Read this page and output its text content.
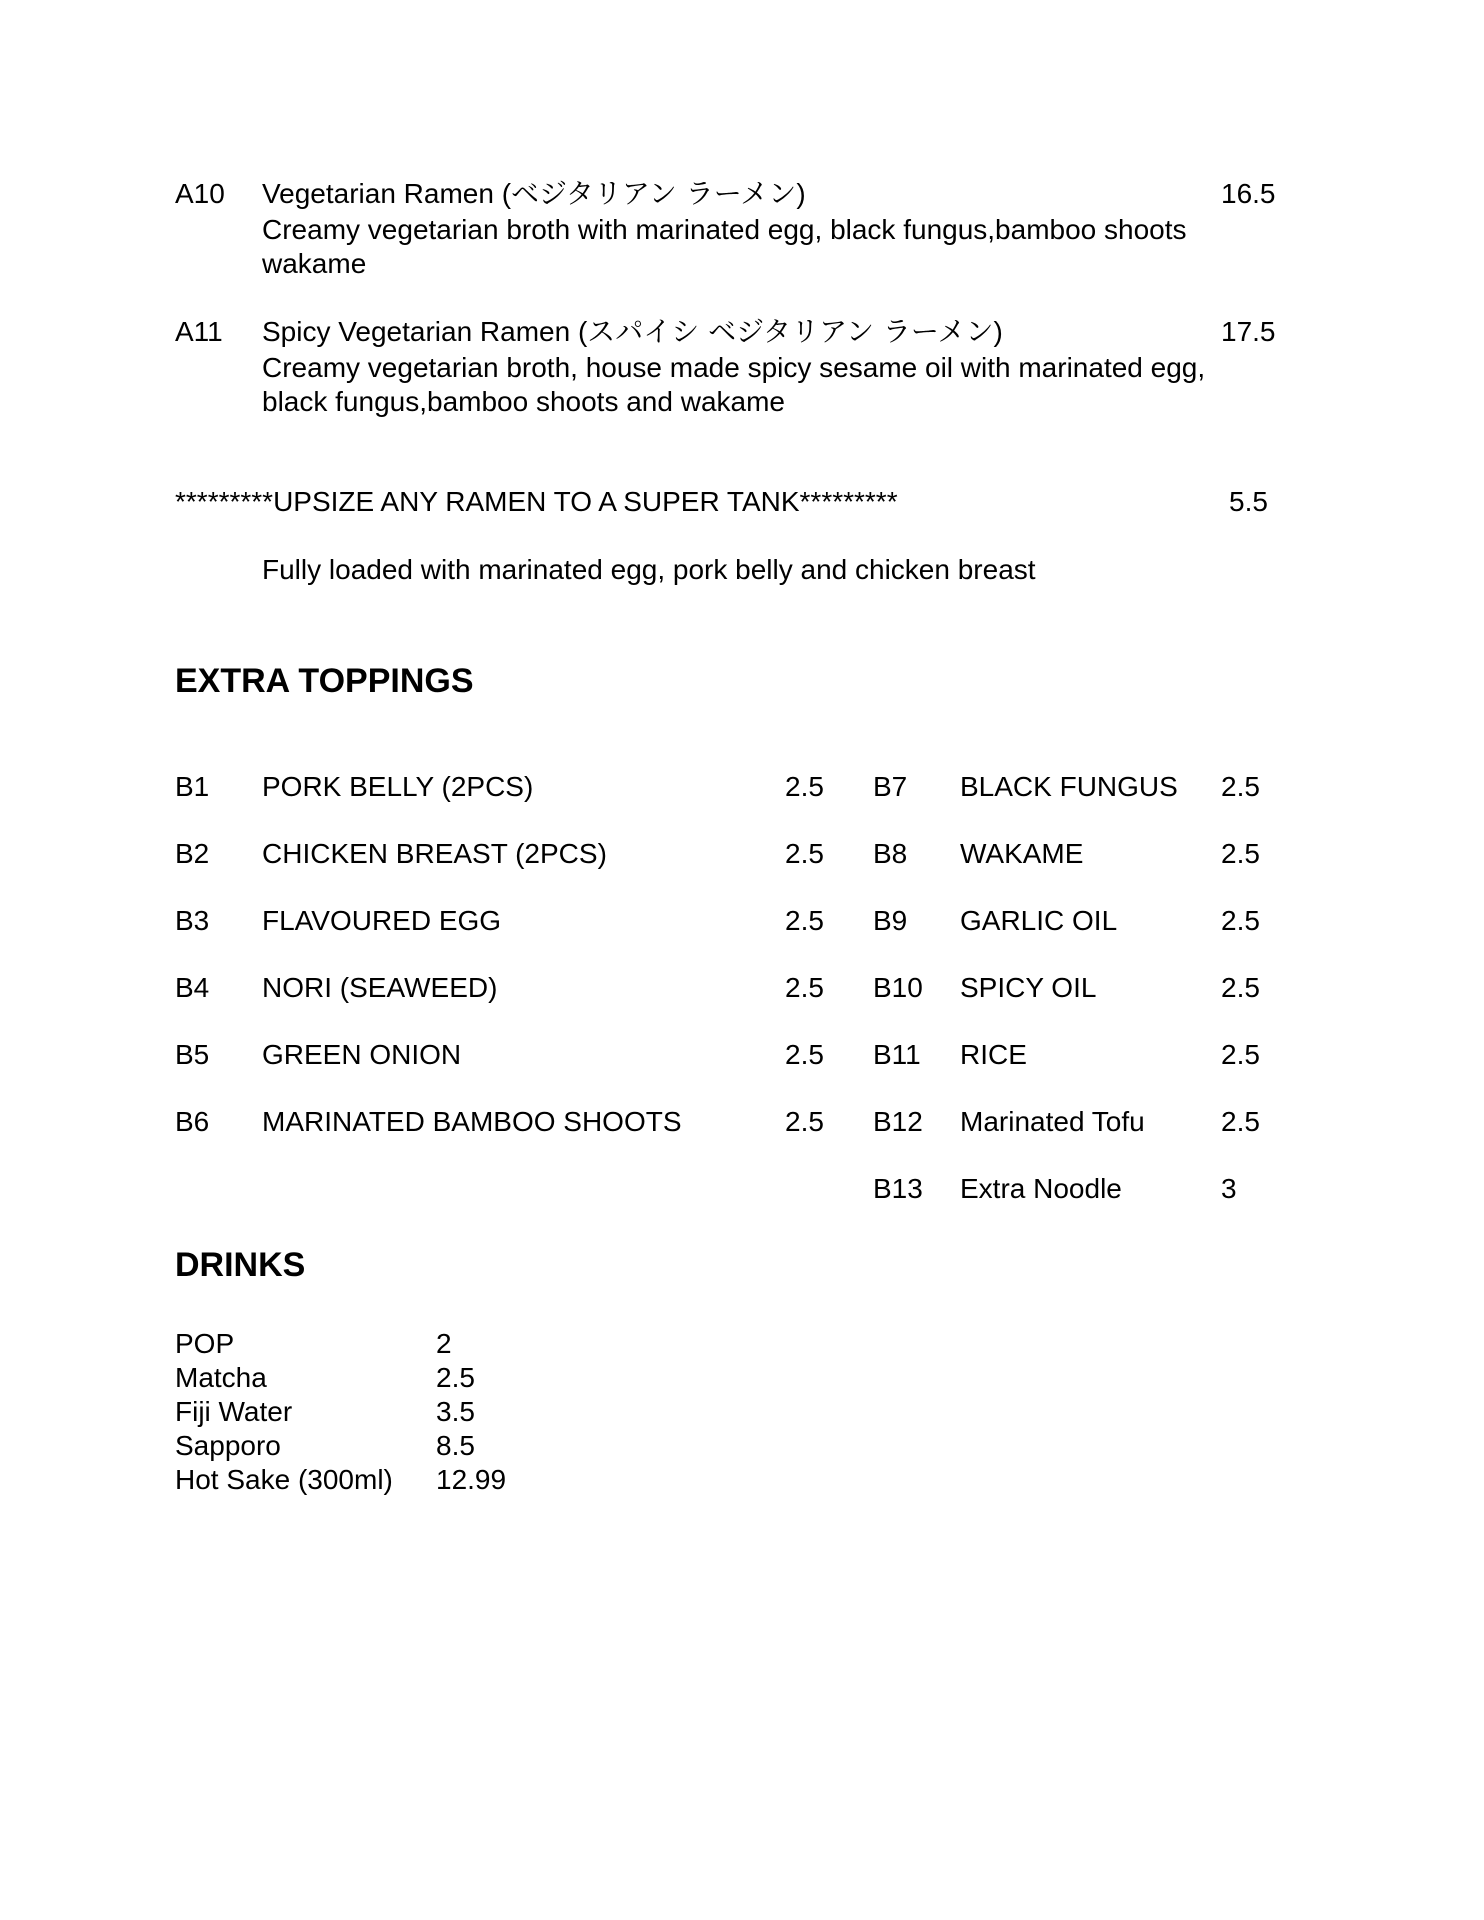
A10 Vegetarian Ramen (ベジタリアン ラーメン)	16.5
Creamy vegetarian broth with marinated egg, black fungus,bamboo shoots
wakame
A11 Spicy Vegetarian Ramen (スパイシ ベジタリアン ラーメン)	17.5
Creamy vegetarian broth, house made spicy sesame oil with marinated egg,
black fungus,bamboo shoots and wakame
*********UPSIZE ANY RAMEN TO A SUPER TANK*********	5.5
Fully loaded with marinated egg, pork belly and chicken breast
EXTRA TOPPINGS
B1 PORK BELLY (2PCS)	2.5
B2 CHICKEN BREAST (2PCS)	2.5
B3 FLAVOURED EGG	2.5
B4 NORI (SEAWEED)	2.5
B5 GREEN ONION	2.5
B6 MARINATED BAMBOO SHOOTS	2.5
B7 BLACK FUNGUS 2.5
B8 WAKAME	2.5
B9 GARLIC OIL	2.5
B10 SPICY OIL	2.5
B11 RICE	2.5
B12 Marinated Tofu	2.5
B13 Extra Noodle	3
DRINKS
POP	2
Matcha	2.5
Fiji Water	3.5
Sapporo	8.5
Hot Sake (300ml) 12.99
